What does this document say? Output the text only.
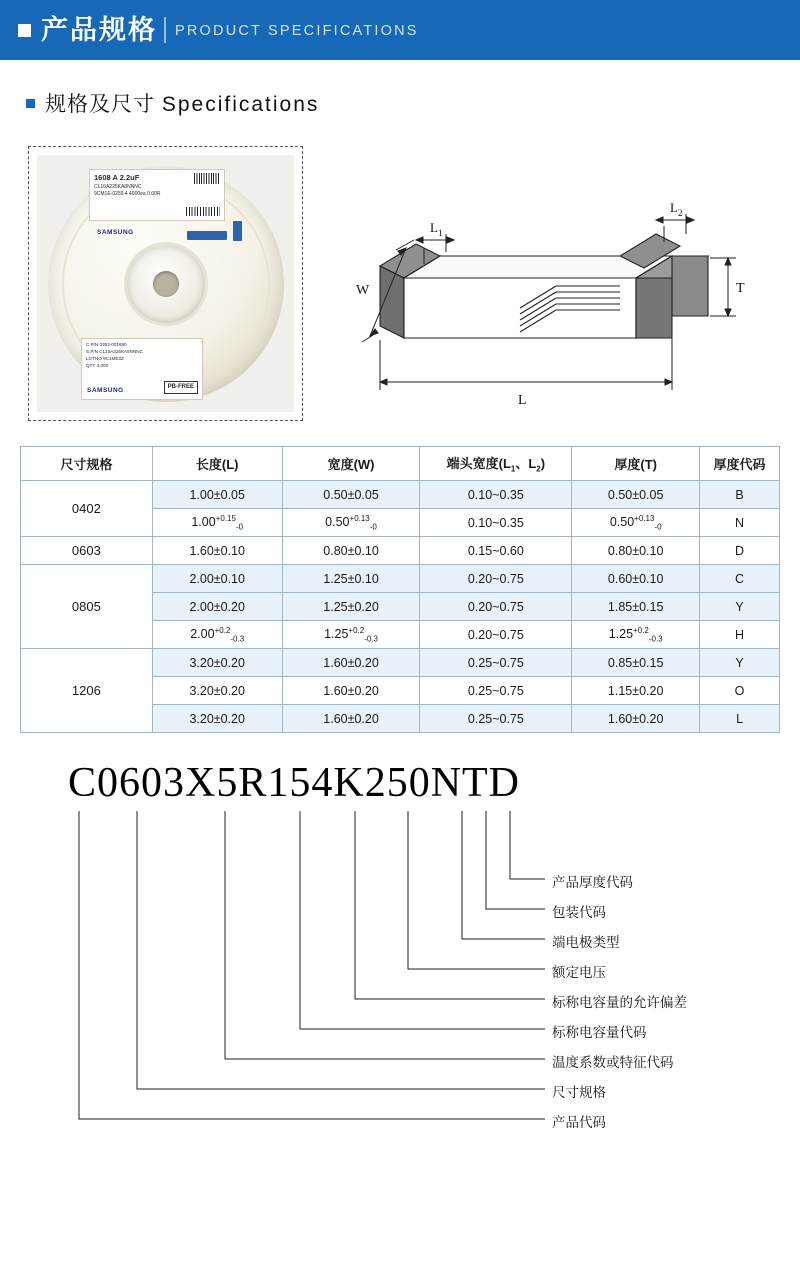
产品规格 PRODUCT SPECIFICATIONS
规格及尺寸 Specifications
1608 A 2.2uF
CL10A225KA8NNNC
9CM1E-0259 4 4000ea 0.00R
SAMSUNG
C.P/N 3352-001690
S.P/N CL10A225KA8NNNC
LOTNO 9C1ME3Z
QTY 4,000
PB-FREE
SAMSUNG
L 1
L 2
W	T
L
尺寸规格	长度(L)	宽度(W)	端头宽度($L_1$、$L_2$)	厚度(T)	厚度代码
0402	1.00±0.05	0.50±0.05	0.10~0.35	0.50±0.05	B
	$1.00^{+0.15}_{-0}$	$0.50^{+0.13}_{-0}$	0.10~0.35	$0.50^{+0.13}_{-0}$	N
0603	1.60±0.10	0.80±0.10	0.15~0.60	0.80±0.10	D
0805	2.00±0.10	1.25±0.10	0.20~0.75	0.60±0.10	C
	2.00±0.20	1.25±0.20	0.20~0.75	1.85±0.15	Y
	$2.00^{+0.2}_{-0.3}$	$1.25^{+0.2}_{-0.3}$	0.20~0.75	$1.25^{+0.2}_{-0.3}$	H
1206	3.20±0.20	1.60±0.20	0.25~0.75	0.85±0.15	Y
	3.20±0.20	1.60±0.20	0.25~0.75	1.15±0.20	O
	3.20±0.20	1.60±0.20	0.25~0.75	1.60±0.20	L
C0603X5R154K250NTD
产品厚度代码
包装代码
端电极类型
额定电压
标称电容量的允许偏差
标称电容量代码
温度系数或特征代码
尺寸规格
产品代码
